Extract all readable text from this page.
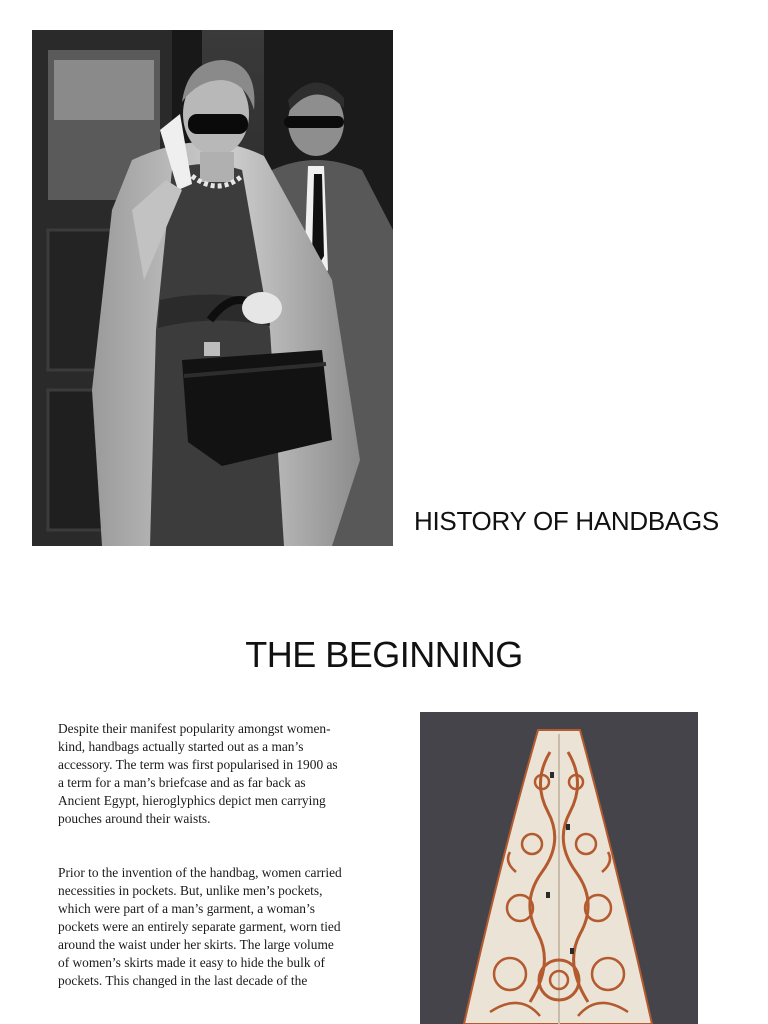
HISTORY OF HANDBAGS
THE BEGINNING

Despite their manifest popularity amongst women-kind, handbags actually started out as a man’s accessory. The term was first popularised in 1900 as a term for a man’s briefcase and as far back as Ancient Egypt, hieroglyphics depict men carrying pouches around their waists.

Prior to the invention of the handbag, women carried necessities in pockets. But, unlike men’s pockets, which were part of a man’s garment, a woman’s pockets were an entirely separate garment, worn tied around the waist under her skirts. The large volume of women’s skirts made it easy to hide the bulk of pockets. This changed in the last decade of the
